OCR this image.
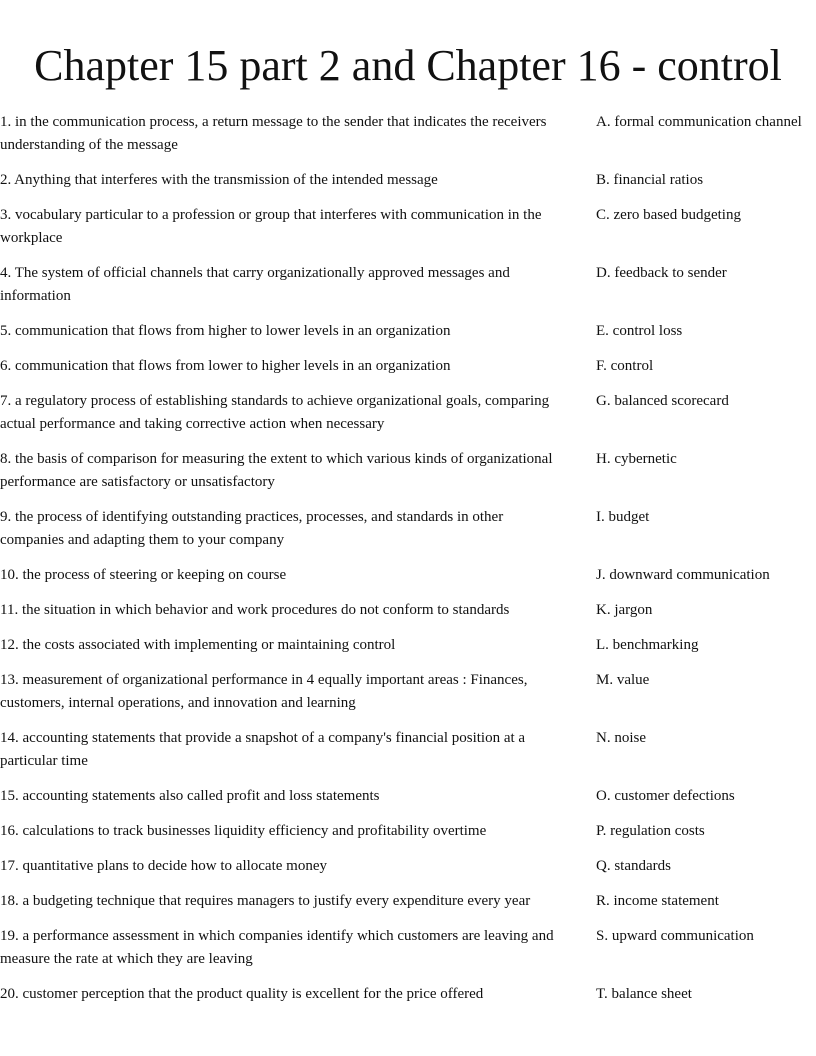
Chapter 15 part 2 and Chapter 16 - control
1. in the communication process, a return message to the sender that indicates the receivers understanding of the message
A. formal communication channel
2. Anything that interferes with the transmission of the intended message	B. financial ratios
3. vocabulary particular to a profession or group that interferes with communication in the workplace
C. zero based budgeting
4. The system of official channels that carry organizationally approved messages and information
D. feedback to sender
5. communication that flows from higher to lower levels in an organization	E. control loss
6. communication that flows from lower to higher levels in an organization	F. control
7. a regulatory process of establishing standards to achieve organizational goals, comparing actual performance and taking corrective action when necessary
G. balanced scorecard
8. the basis of comparison for measuring the extent to which various kinds of organizational performance are satisfactory or unsatisfactory
H. cybernetic
9. the process of identifying outstanding practices, processes, and standards in other companies and adapting them to your company
I. budget
10. the process of steering or keeping on course	J. downward communication
11. the situation in which behavior and work procedures do not conform to standards	K. jargon
12. the costs associated with implementing or maintaining control	L. benchmarking
13. measurement of organizational performance in 4 equally important areas : Finances, customers, internal operations, and innovation and learning
M. value
14. accounting statements that provide a snapshot of a company's financial position at a particular time
N. noise
15. accounting statements also called profit and loss statements	O. customer defections
16. calculations to track businesses liquidity efficiency and profitability overtime	P. regulation costs
17. quantitative plans to decide how to allocate money	Q. standards
18. a budgeting technique that requires managers to justify every expenditure every year	R. income statement
19. a performance assessment in which companies identify which customers are leaving and measure the rate at which they are leaving
S. upward communication
20. customer perception that the product quality is excellent for the price offered	T. balance sheet
